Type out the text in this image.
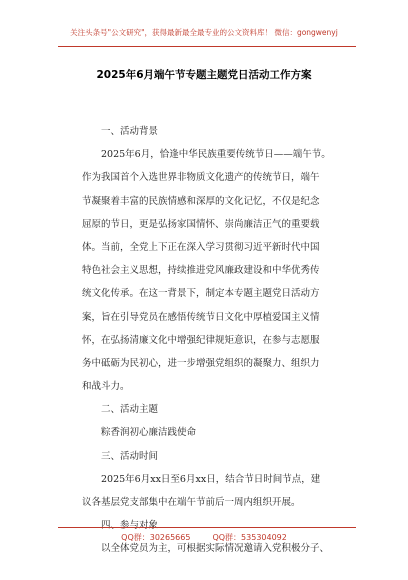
关注头条号"公文研究"，获得最新最全最专业的公文资料库！ 微信：gongwenyj
2025年6月端午节专题主题党日活动工作方案
一、活动背景
2025年6月，恰逢中华民族重要传统节日——端午节。
作为我国首个入选世界非物质文化遗产的传统节日，端午
节凝聚着丰富的民族情感和深厚的文化记忆，不仅是纪念
屈原的节日，更是弘扬家国情怀、崇尚廉洁正气的重要载
体。当前，全党上下正在深入学习贯彻习近平新时代中国
特色社会主义思想，持续推进党风廉政建设和中华优秀传
统文化传承。在这一背景下，制定本专题主题党日活动方
案，旨在引导党员在感悟传统节日文化中厚植爱国主义情
怀，在弘扬清廉文化中增强纪律规矩意识，在参与志愿服
务中砥砺为民初心，进一步增强党组织的凝聚力、组织力
和战斗力。
二、活动主题
粽香润初心廉洁践使命
三、活动时间
2025年6月xx日至6月xx日，结合节日时间节点，建
议各基层党支部集中在端午节前后一周内组织开展。
四、参与对象
以全体党员为主，可根据实际情况邀请入党积极分子、
QQ群：30265665	QQ群：535304092
